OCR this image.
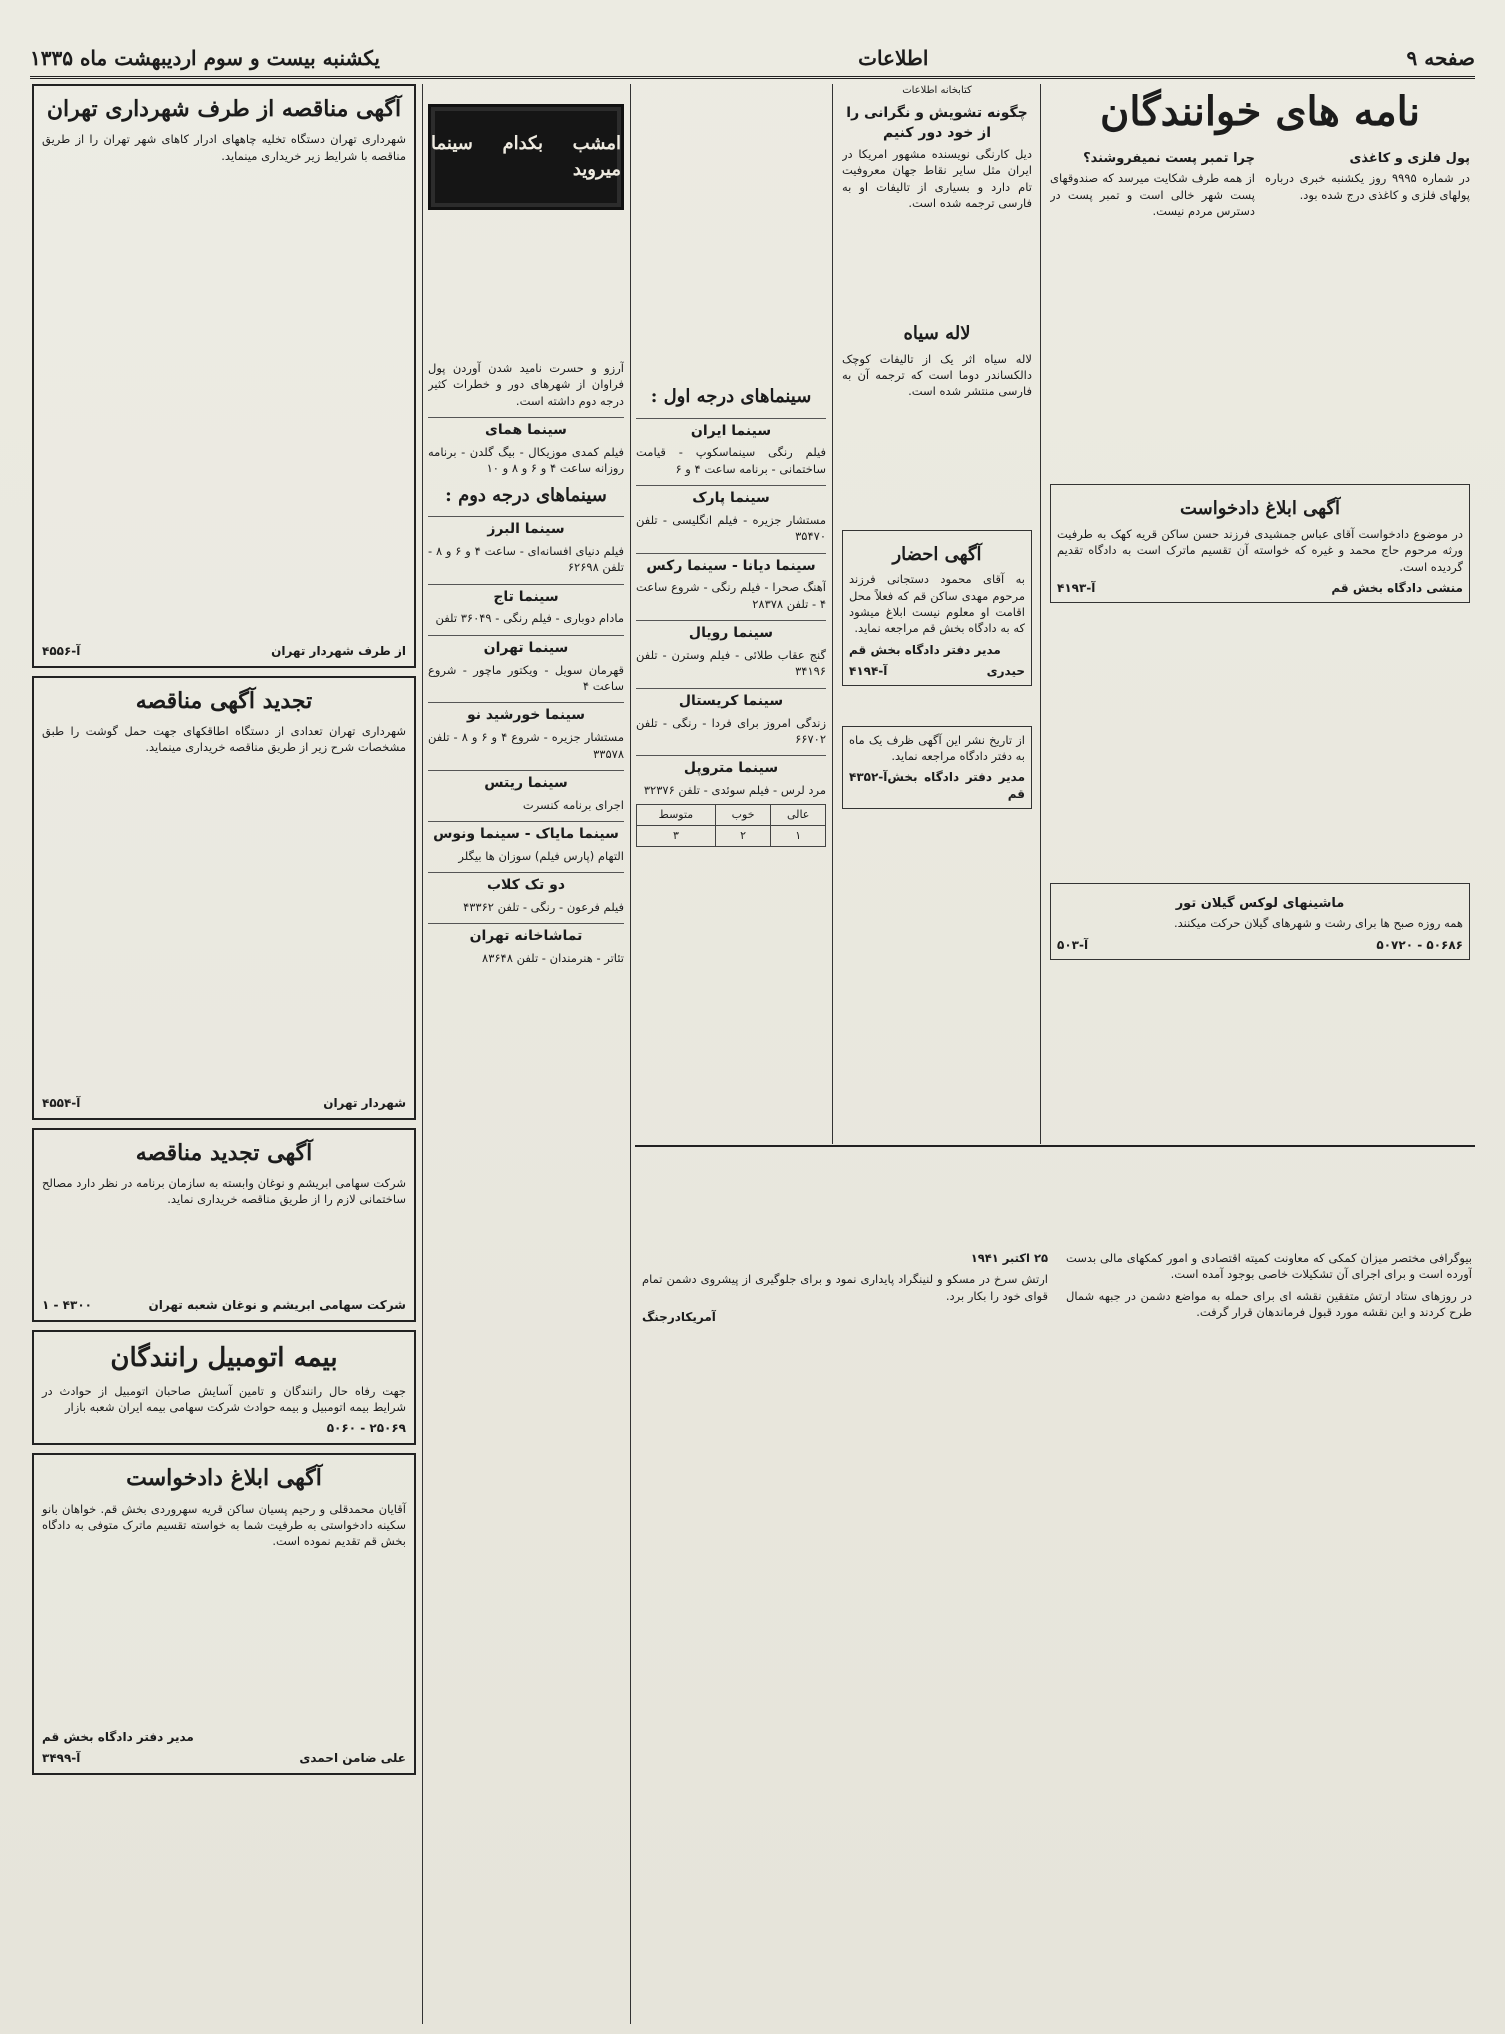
صفحه ۹
اطلاعات
یکشنبه بیست و سوم اردیبهشت ماه ۱۳۳۵
نامه های خوانندگان
پول فلزی و کاغذی

در شماره ۹۹۹۵ روز یکشنبه خبری درباره پولهای فلزی و کاغذی درج شده بود.

چرا تمبر پست نمیفروشند؟

از همه طرف شکایت میرسد که صندوقهای پست شهر خالی است و تمبر پست در دسترس مردم نیست.

آگهی ابلاغ دادخواست

در موضوع دادخواست آقای عباس جمشیدی فرزند حسن ساکن قریه کهک به طرفیت ورثه مرحوم حاج محمد و غیره که خواسته آن تقسیم ماترک است به دادگاه تقدیم گردیده است.

منشی دادگاه بخش قم
آ-۴۱۹۳
ماشینهای لوکس گیلان تور

همه روزه صبح ها برای رشت و شهرهای گیلان حرکت میکنند.

۵۰۶۸۶ - ۵۰۷۲۰
آ-۵۰۳
کتابخانه اطلاعات
چگونه تشویش و نگرانی را از خود دور کنیم

دیل کارنگی نویسنده مشهور امریکا در ایران مثل سایر نقاط جهان معروفیت تام دارد و بسیاری از تالیفات او به فارسی ترجمه شده است.

لاله سیاه

لاله سیاه اثر یک از تالیفات کوچک دالکساندر دوما است که ترجمه آن به فارسی منتشر شده است.

آگهی احضار

به آقای محمود دستجانی فرزند مرحوم مهدی ساکن قم که فعلاً محل اقامت او معلوم نیست ابلاغ میشود که به دادگاه بخش قم مراجعه نماید.

مدیر دفتر دادگاه بخش قم
حیدری
آ-۴۱۹۴

از تاریخ نشر این آگهی ظرف یک ماه به دفتر دادگاه مراجعه نماید.

مدیر دفتر دادگاه بخش قم
آ-۴۳۵۲

بیوگرافی مختصر میزان کمکی که معاونت کمیته اقتصادی و امور کمکهای مالی بدست آورده است و برای اجرای آن تشکیلات خاصی بوجود آمده است.

در روزهای ستاد ارتش متفقین نقشه ای برای حمله به مواضع دشمن در جبهه شمال طرح کردند و این نقشه مورد قبول فرماندهان قرار گرفت.

۲۵ اکتبر ۱۹۴۱

ارتش سرخ در مسکو و لنینگراد پایداری نمود و برای جلوگیری از پیشروی دشمن تمام قوای خود را بکار برد.

آمریکادرجنگ
سینماهای درجه اول :
سینما ایران

فیلم رنگی سینماسکوپ - قیامت ساختمانی - برنامه ساعت ۴ و ۶

سینما پارک

مستشار جزیره - فیلم انگلیسی - تلفن ۳۵۴۷۰

سینما دیانا - سینما رکس

آهنگ صحرا - فیلم رنگی - شروع ساعت ۴ - تلفن ۲۸۳۷۸

سینما رویال

گنج عقاب طلائی - فیلم وسترن - تلفن ۳۴۱۹۶

سینما کریستال

زندگی امروز برای فردا - رنگی - تلفن ۶۶۷۰۲

سینما متروپل

مرد لرس - فیلم سوئدی - تلفن ۳۲۳۷۶

عالی	خوب	متوسط
۱	۲	۳
امشب بکدام سینما میروید

آرزو و حسرت نامید شدن آوردن پول فراوان از شهرهای دور و خطرات کثیر درجه دوم داشته است.

سینما همای

فیلم کمدی موزیکال - بیگ گلدن - برنامه روزانه ساعت ۴ و ۶ و ۸ و ۱۰

سینماهای درجه دوم :
سینما البرز

فیلم دنیای افسانه‌ای - ساعت ۴ و ۶ و ۸ - تلفن ۶۲۶۹۸

سینما تاج

مادام دوباری - فیلم رنگی - ۳۶۰۴۹ تلفن

سینما تهران

قهرمان سویل - ویکتور ماچور - شروع ساعت ۴

سینما خورشید نو

مستشار جزیره - شروع ۴ و ۶ و ۸ - تلفن ۳۳۵۷۸

سینما ریتس

اجرای برنامه کنسرت

سینما مایاک - سینما ونوس

التهام (پارس فیلم) سوزان ها بیگلر

دو تک کلاب

فیلم فرعون - رنگی - تلفن ۴۳۳۶۲

تماشاخانه تهران

تئاتر - هنرمندان - تلفن ۸۳۶۴۸

آگهی مناقصه از طرف شهرداری تهران

شهرداری تهران دستگاه تخلیه چاههای ادرار کاهای شهر تهران را از طریق مناقصه با شرایط زیر خریداری مینماید.

از طرف شهردار تهران
آ-۴۵۵۶
تجدید آگهی مناقصه

شهرداری تهران تعدادی از دستگاه اطاقکهای جهت حمل گوشت را طبق مشخصات شرح زیر از طریق مناقصه خریداری مینماید.

شهردار تهران
آ-۴۵۵۴
آگهی تجدید مناقصه

شرکت سهامی ابریشم و نوغان وابسته به سازمان برنامه در نظر دارد مصالح ساختمانی لازم را از طریق مناقصه خریداری نماید.

شرکت سهامی ابریشم و نوغان شعبه تهران
۴۳۰۰ - ۱
بیمه اتومبیل رانندگان

جهت رفاه حال رانندگان و تامین آسایش صاحبان اتومبیل از حوادث در شرایط بیمه اتومبیل و بیمه حوادث شرکت سهامی بیمه ایران شعبه بازار

۲۵۰۶۹ - ۵۰۶۰
آگهی ابلاغ دادخواست

آقایان محمدقلی و رحیم پسیان ساکن قریه سهروردی بخش قم. خواهان بانو سکینه دادخواستی به طرفیت شما به خواسته تقسیم ماترک متوفی به دادگاه بخش قم تقدیم نموده است.

مدیر دفتر دادگاه بخش قم
علی ضامن احمدی
آ-۳۴۹۹
